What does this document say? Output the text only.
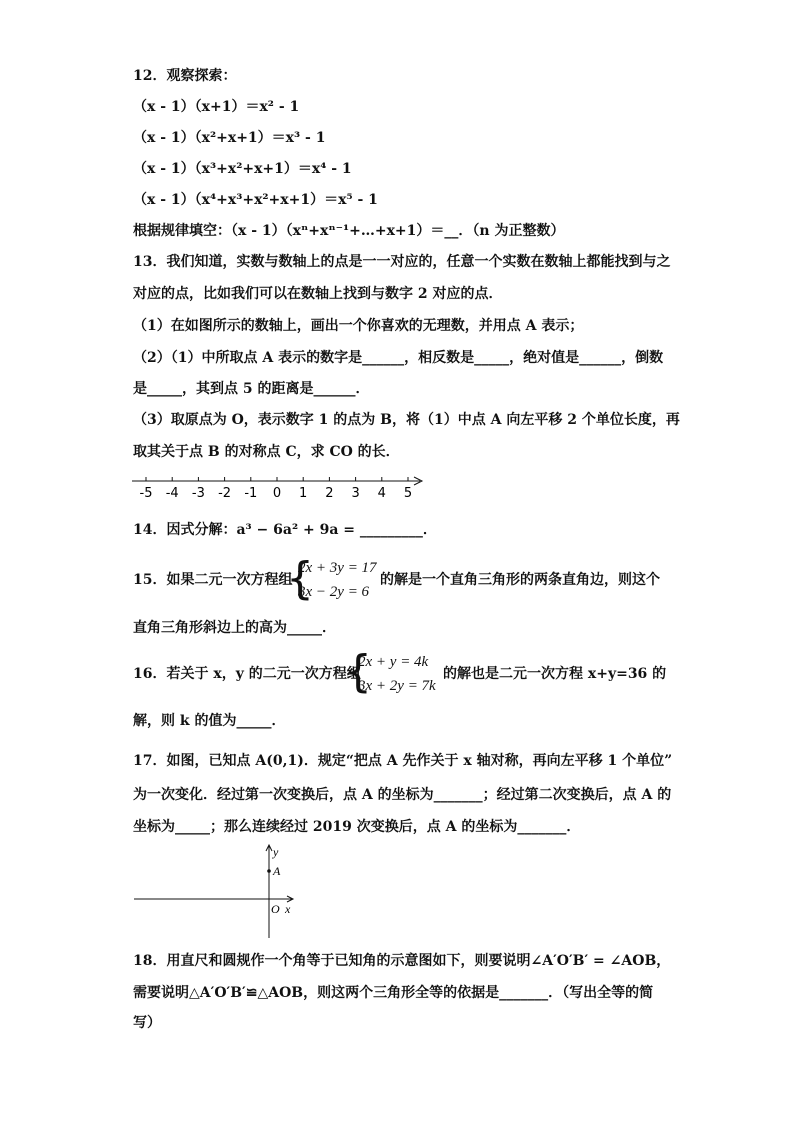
12．观察探索：
（x - 1）（x+1）＝x² - 1
（x - 1）（x²+x+1）＝x³ - 1
（x - 1）（x³+x²+x+1）＝x⁴ - 1
（x - 1）（x⁴+x³+x²+x+1）＝x⁵ - 1
根据规律填空：（x - 1）（xⁿ+xⁿ⁻¹+…+x+1）＝__．（n 为正整数）
13．我们知道，实数与数轴上的点是一一对应的，任意一个实数在数轴上都能找到与之
对应的点，比如我们可以在数轴上找到与数字 2 对应的点．
（1）在如图所示的数轴上，画出一个你喜欢的无理数，并用点 A 表示；
（2）（1）中所取点 A 表示的数字是______，相反数是_____，绝对值是______，倒数
是_____，其到点 5 的距离是______．
（3）取原点为 O，表示数字 1 的点为 B，将（1）中点 A 向左平移 2 个单位长度，再
取其关于点 B 的对称点 C，求 CO 的长．
-5 -4 -3 -2 -1 0 1 2 3 4 5
14．因式分解：a³ − 6a² + 9a = _________．
15．如果二元一次方程组
{
2x + 3y = 17
3x − 2y = 6
的解是一个直角三角形的两条直角边，则这个
直角三角形斜边上的高为_____．
16．若关于 x，y 的二元一次方程组
{
2x + y = 4k
3x + 2y = 7k
的解也是二元一次方程 x+y=36 的
解，则 k 的值为_____．
17．如图，已知点 A(0,1)．规定“把点 A 先作关于 x 轴对称，再向左平移 1 个单位”
为一次变化．经过第一次变换后，点 A 的坐标为_______；经过第二次变换后，点 A 的
坐标为_____；那么连续经过 2019 次变换后，点 A 的坐标为_______．
y
A
O x
18．用直尺和圆规作一个角等于已知角的示意图如下，则要说明∠A′O′B′ = ∠AOB，
需要说明△A′O′B′≌△AOB，则这两个三角形全等的依据是_______．（写出全等的简
写）
